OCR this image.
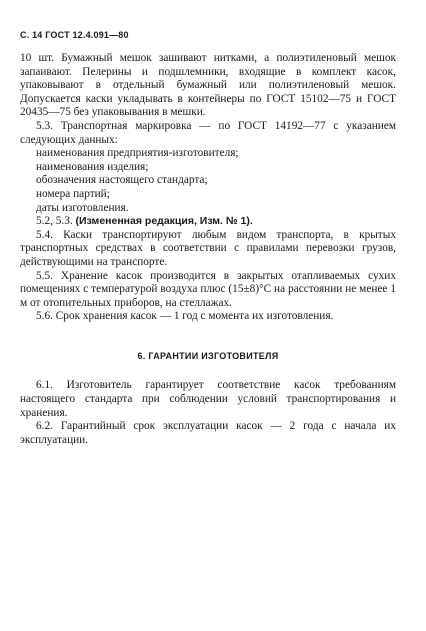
С. 14 ГОСТ 12.4.091—80

10 шт. Бумажный мешок зашивают нитками, а полиэтиленовый мешок запаивают. Пелерины и подшлемники, входящие в комплект касок, упаковывают в отдельный бумажный или полиэтиленовый мешок. Допускается каски укладывать в контейнеры по ГОСТ 15102—75 и ГОСТ 20435—75 без упаковывания в мешки.

5.3. Транспортная маркировка — по ГОСТ 14192—77 с указанием следующих данных:

наименования предприятия-изготовителя;

наименования изделия;

обозначения настоящего стандарта;

номера партий;

даты изготовления.

5.2, 5.3. (Измененная редакция, Изм. № 1).

5.4. Каски транспортируют любым видом транспорта, в крытых транспортных средствах в соответствии с правилами перевозки грузов, действующими на транспорте.

5.5. Хранение касок производится в закрытых отапливаемых сухих помещениях с температурой воздуха плюс (15±8)°С на расстоянии не менее 1 м от отопительных приборов, на стеллажах.

5.6. Срок хранения касок — 1 год с момента их изготовления.

6. ГАРАНТИИ ИЗГОТОВИТЕЛЯ

6.1. Изготовитель гарантирует соответствие касок требованиям настоящего стандарта при соблюдении условий транспортирования и хранения.

6.2. Гарантийный срок эксплуатации касок — 2 года с начала их эксплуатации.
